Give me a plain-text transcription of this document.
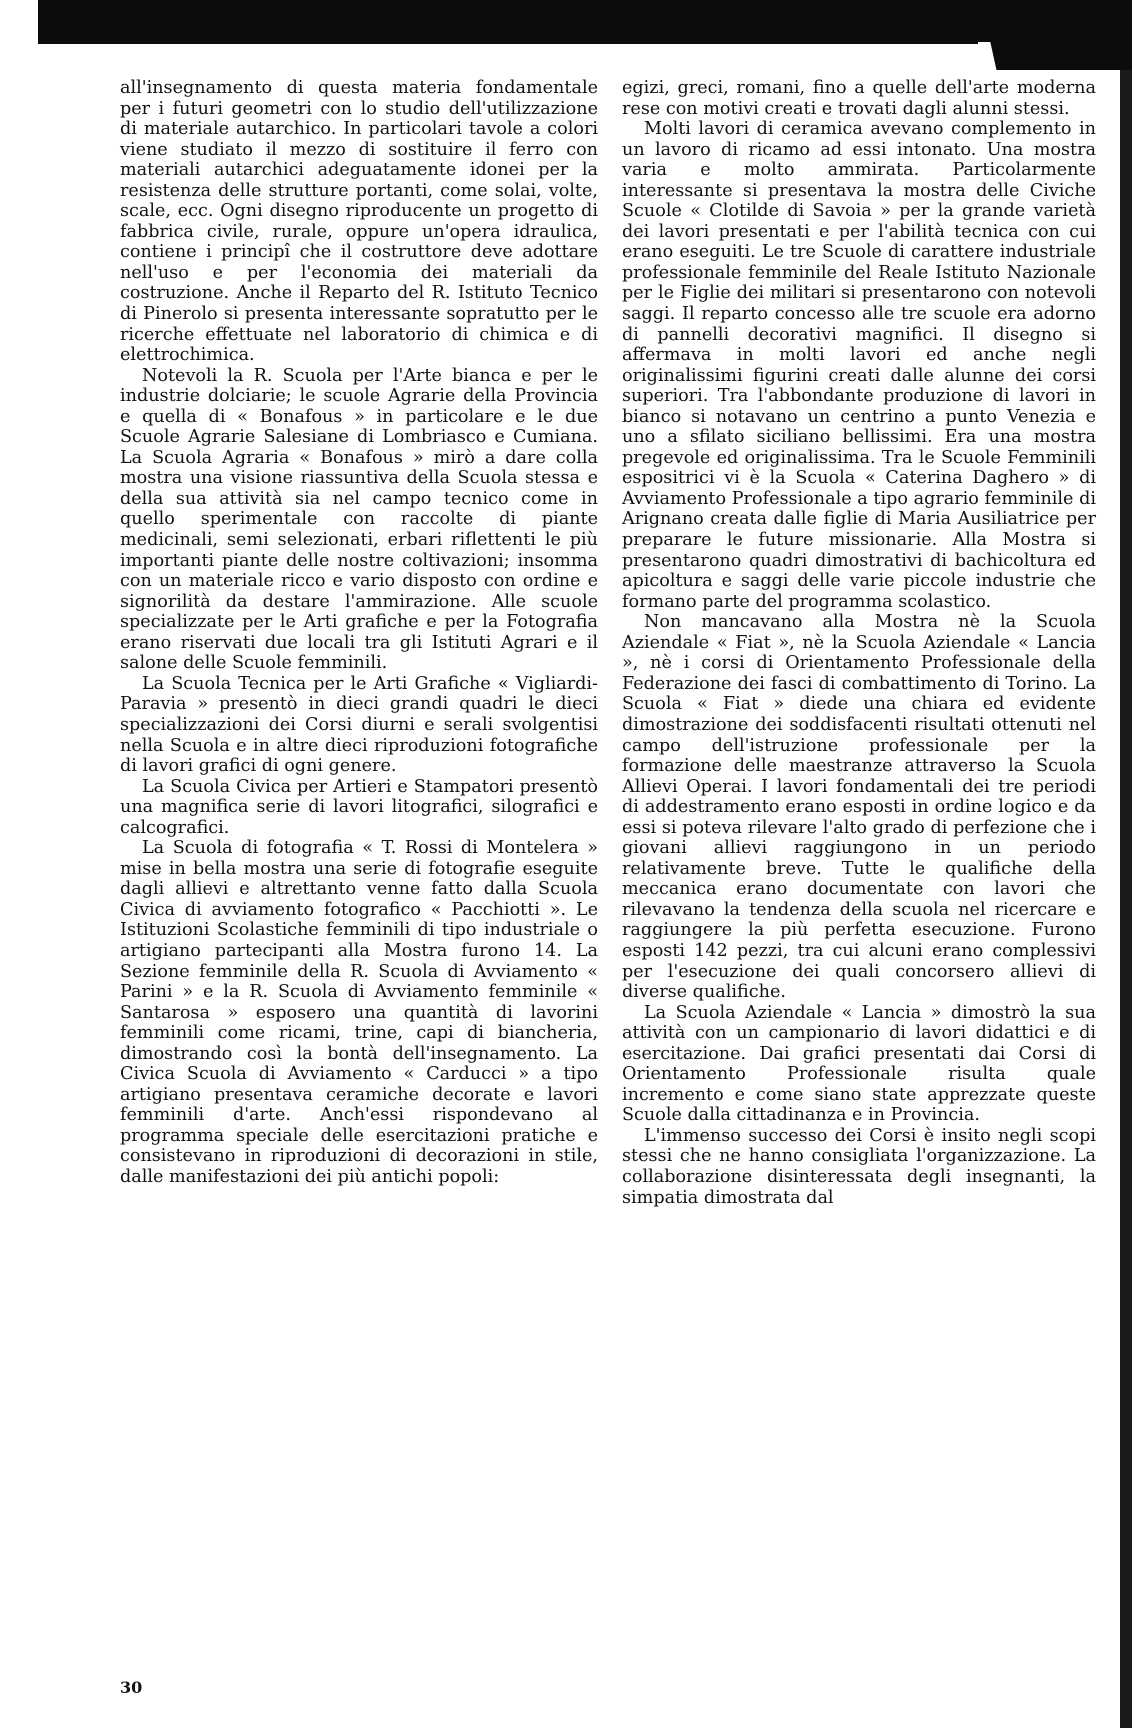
all'insegnamento di questa materia fondamentale per i futuri geometri con lo studio dell'utilizzazione di materiale autarchico. In particolari tavole a colori viene studiato il mezzo di sostituire il ferro con materiali autarchici adeguatamente idonei per la resistenza delle strutture portanti, come solai, volte, scale, ecc. Ogni disegno riproducente un progetto di fabbrica civile, rurale, oppure un'opera idraulica, contiene i principî che il costruttore deve adottare nell'uso e per l'economia dei materiali da costruzione. Anche il Reparto del R. Istituto Tecnico di Pinerolo si presenta interessante sopratutto per le ricerche effettuate nel laboratorio di chimica e di elettrochimica.

Notevoli la R. Scuola per l'Arte bianca e per le industrie dolciarie; le scuole Agrarie della Provincia e quella di « Bonafous » in particolare e le due Scuole Agrarie Salesiane di Lombriasco e Cumiana. La Scuola Agraria « Bonafous » mirò a dare colla mostra una visione riassuntiva della Scuola stessa e della sua attività sia nel campo tecnico come in quello sperimentale con raccolte di piante medicinali, semi selezionati, erbari riflettenti le più importanti piante delle nostre coltivazioni; insomma con un materiale ricco e vario disposto con ordine e signorilità da destare l'ammirazione. Alle scuole specializzate per le Arti grafiche e per la Fotografia erano riservati due locali tra gli Istituti Agrari e il salone delle Scuole femminili.

La Scuola Tecnica per le Arti Grafiche « Vigliardi-Paravia » presentò in dieci grandi quadri le dieci specializzazioni dei Corsi diurni e serali svolgentisi nella Scuola e in altre dieci riproduzioni fotografiche di lavori grafici di ogni genere.

La Scuola Civica per Artieri e Stampatori presentò una magnifica serie di lavori litografici, silografici e calcografici.

La Scuola di fotografia « T. Rossi di Montelera » mise in bella mostra una serie di fotografie eseguite dagli allievi e altrettanto venne fatto dalla Scuola Civica di avviamento fotografico « Pacchiotti ». Le Istituzioni Scolastiche femminili di tipo industriale o artigiano partecipanti alla Mostra furono 14. La Sezione femminile della R. Scuola di Avviamento « Parini » e la R. Scuola di Avviamento femminile « Santarosa » esposero una quantità di lavorini femminili come ricami, trine, capi di biancheria, dimostrando così la bontà dell'insegnamento. La Civica Scuola di Avviamento « Carducci » a tipo artigiano presentava ceramiche decorate e lavori femminili d'arte. Anch'essi rispondevano al programma speciale delle esercitazioni pratiche e consistevano in riproduzioni di decorazioni in stile, dalle manifestazioni dei più antichi popoli:

egizi, greci, romani, fino a quelle dell'arte moderna rese con motivi creati e trovati dagli alunni stessi.

Molti lavori di ceramica avevano complemento in un lavoro di ricamo ad essi intonato. Una mostra varia e molto ammirata. Particolarmente interessante si presentava la mostra delle Civiche Scuole « Clotilde di Savoia » per la grande varietà dei lavori presentati e per l'abilità tecnica con cui erano eseguiti. Le tre Scuole di carattere industriale professionale femminile del Reale Istituto Nazionale per le Figlie dei militari si presentarono con notevoli saggi. Il reparto concesso alle tre scuole era adorno di pannelli decorativi magnifici. Il disegno si affermava in molti lavori ed anche negli originalissimi figurini creati dalle alunne dei corsi superiori. Tra l'abbondante produzione di lavori in bianco si notavano un centrino a punto Venezia e uno a sfilato siciliano bellissimi. Era una mostra pregevole ed originalissima. Tra le Scuole Femminili espositrici vi è la Scuola « Caterina Daghero » di Avviamento Professionale a tipo agrario femminile di Arignano creata dalle figlie di Maria Ausiliatrice per preparare le future missionarie. Alla Mostra si presentarono quadri dimostrativi di bachicoltura ed apicoltura e saggi delle varie piccole industrie che formano parte del programma scolastico.

Non mancavano alla Mostra nè la Scuola Aziendale « Fiat », nè la Scuola Aziendale « Lancia », nè i corsi di Orientamento Professionale della Federazione dei fasci di combattimento di Torino. La Scuola « Fiat » diede una chiara ed evidente dimostrazione dei soddisfacenti risultati ottenuti nel campo dell'istruzione professionale per la formazione delle maestranze attraverso la Scuola Allievi Operai. I lavori fondamentali dei tre periodi di addestramento erano esposti in ordine logico e da essi si poteva rilevare l'alto grado di perfezione che i giovani allievi raggiungono in un periodo relativamente breve. Tutte le qualifiche della meccanica erano documentate con lavori che rilevavano la tendenza della scuola nel ricercare e raggiungere la più perfetta esecuzione. Furono esposti 142 pezzi, tra cui alcuni erano complessivi per l'esecuzione dei quali concorsero allievi di diverse qualifiche.

La Scuola Aziendale « Lancia » dimostrò la sua attività con un campionario di lavori didattici e di esercitazione. Dai grafici presentati dai Corsi di Orientamento Professionale risulta quale incremento e come siano state apprezzate queste Scuole dalla cittadinanza e in Provincia.

L'immenso successo dei Corsi è insito negli scopi stessi che ne hanno consigliata l'organizzazione. La collaborazione disinteressata degli insegnanti, la simpatia dimostrata dal

30
